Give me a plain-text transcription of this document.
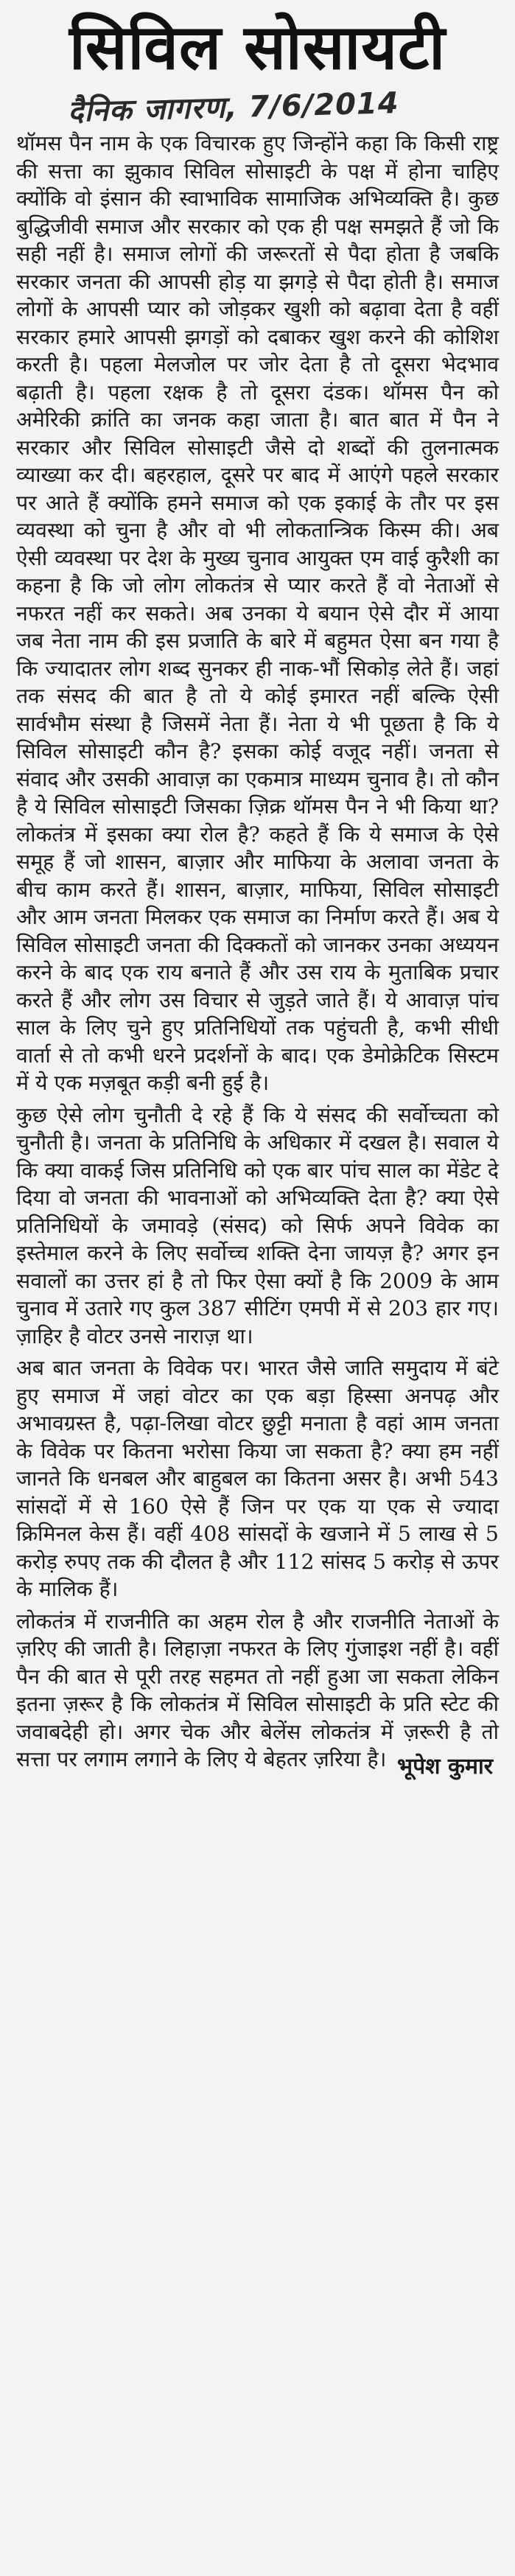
सिविल सोसायटी
दैनिक जागरण, 7/6/2014

थॉमस पैन नाम के एक विचारक हुए जिन्होंने कहा कि किसी राष्ट्र की सत्ता का झुकाव सिविल सोसाइटी के पक्ष में होना चाहिए क्योंकि वो इंसान की स्वाभाविक सामाजिक अभिव्यक्ति है। कुछ बुद्धिजीवी समाज और सरकार को एक ही पक्ष समझते हैं जो कि सही नहीं है। समाज लोगों की जरूरतों से पैदा होता है जबकि सरकार जनता की आपसी होड़ या झगड़े से पैदा होती है। समाज लोगों के आपसी प्यार को जोड़कर खुशी को बढ़ावा देता है वहीं सरकार हमारे आपसी झगड़ों को दबाकर खुश करने की कोशिश करती है। पहला मेलजोल पर जोर देता है तो दूसरा भेदभाव बढ़ाती है। पहला रक्षक है तो दूसरा दंडक। थॉमस पैन को अमेरिकी क्रांति का जनक कहा जाता है। बात बात में पैन ने सरकार और सिविल सोसाइटी जैसे दो शब्दों की तुलनात्मक व्याख्या कर दी। बहरहाल, दूसरे पर बाद में आएंगे पहले सरकार पर आते हैं क्योंकि हमने समाज को एक इकाई के तौर पर इस व्यवस्था को चुना है और वो भी लोकतान्त्रिक किस्म की। अब ऐसी व्यवस्था पर देश के मुख्य चुनाव आयुक्त एम वाई कुरैशी का कहना है कि जो लोग लोकतंत्र से प्यार करते हैं वो नेताओं से नफरत नहीं कर सकते। अब उनका ये बयान ऐसे दौर में आया जब नेता नाम की इस प्रजाति के बारे में बहुमत ऐसा बन गया है कि ज्यादातर लोग शब्द सुनकर ही नाक-भौं सिकोड़ लेते हैं। जहां तक संसद की बात है तो ये कोई इमारत नहीं बल्कि ऐसी सार्वभौम संस्था है जिसमें नेता हैं। नेता ये भी पूछता है कि ये सिविल सोसाइटी कौन है? इसका कोई वजूद नहीं। जनता से संवाद और उसकी आवाज़ का एकमात्र माध्यम चुनाव है। तो कौन है ये सिविल सोसाइटी जिसका ज़िक्र थॉमस पैन ने भी किया था? लोकतंत्र में इसका क्या रोल है? कहते हैं कि ये समाज के ऐसे समूह हैं जो शासन, बाज़ार और माफिया के अलावा जनता के बीच काम करते हैं। शासन, बाज़ार, माफिया, सिविल सोसाइटी और आम जनता मिलकर एक समाज का निर्माण करते हैं। अब ये सिविल सोसाइटी जनता की दिक्कतों को जानकर उनका अध्ययन करने के बाद एक राय बनाते हैं और उस राय के मुताबिक प्रचार करते हैं और लोग उस विचार से जुड़ते जाते हैं। ये आवाज़ पांच साल के लिए चुने हुए प्रतिनिधियों तक पहुंचती है, कभी सीधी वार्ता से तो कभी धरने प्रदर्शनों के बाद। एक डेमोक्रेटिक सिस्टम में ये एक मज़बूत कड़ी बनी हुई है।

कुछ ऐसे लोग चुनौती दे रहे हैं कि ये संसद की सर्वोच्चता को चुनौती है। जनता के प्रतिनिधि के अधिकार में दखल है। सवाल ये कि क्या वाकई जिस प्रतिनिधि को एक बार पांच साल का मेंडेट दे दिया वो जनता की भावनाओं को अभिव्यक्ति देता है? क्या ऐसे प्रतिनिधियों के जमावड़े (संसद) को सिर्फ अपने विवेक का इस्तेमाल करने के लिए सर्वोच्च शक्ति देना जायज़ है? अगर इन सवालों का उत्तर हां है तो फिर ऐसा क्यों है कि 2009 के आम चुनाव में उतारे गए कुल 387 सीटिंग एमपी में से 203 हार गए। ज़ाहिर है वोटर उनसे नाराज़ था।

अब बात जनता के विवेक पर। भारत जैसे जाति समुदाय में बंटे हुए समाज में जहां वोटर का एक बड़ा हिस्सा अनपढ़ और अभावग्रस्त है, पढ़ा-लिखा वोटर छुट्टी मनाता है वहां आम जनता के विवेक पर कितना भरोसा किया जा सकता है? क्या हम नहीं जानते कि धनबल और बाहुबल का कितना असर है। अभी 543 सांसदों में से 160 ऐसे हैं जिन पर एक या एक से ज्यादा क्रिमिनल केस हैं। वहीं 408 सांसदों के खजाने में 5 लाख से 5 करोड़ रुपए तक की दौलत है और 112 सांसद 5 करोड़ से ऊपर के मालिक हैं।

लोकतंत्र में राजनीति का अहम रोल है और राजनीति नेताओं के ज़रिए की जाती है। लिहाज़ा नफरत के लिए गुंजाइश नहीं है। वहीं पैन की बात से पूरी तरह सहमत तो नहीं हुआ जा सकता लेकिन इतना ज़रूर है कि लोकतंत्र में सिविल सोसाइटी के प्रति स्टेट की जवाबदेही हो। अगर चेक और बेलेंस लोकतंत्र में ज़रूरी है तो सत्ता पर लगाम लगाने के लिए ये बेहतर ज़रिया है। भूपेश कुमार
